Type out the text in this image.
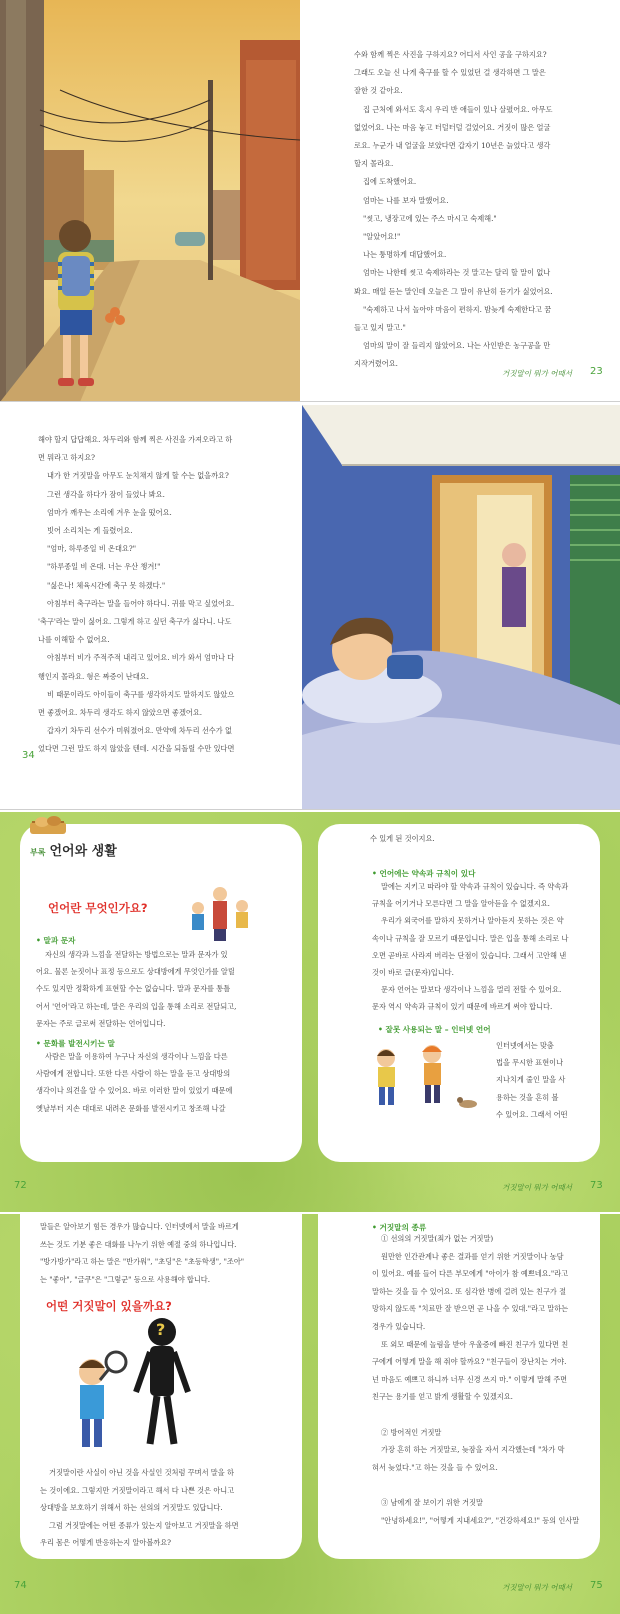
수와 함께 찍은 사진을 구하지요? 어디서 사인 공을 구하지요?

그래도 오늘 신 나게 축구를 할 수 있었던 걸 생각하면 그 말은

잘한 것 같아요.

집 근처에 와서도 혹시 우리 반 애들이 있나 살폈어요. 아무도

없었어요. 나는 마음 놓고 터덜터덜 걸었어요. 거짓이 많은 얼굴

로요. 누군가 내 얼굴을 보았다면 갑자기 10년은 늙었다고 생각

할지 몰라요.

집에 도착했어요.

엄마는 나를 보자 말했어요.

"씻고, 냉장고에 있는 주스 마시고 숙제해."

"알았어요!"

나는 퉁명하게 대답했어요.

엄마는 나한테 씻고 숙제하라는 것 말고는 달리 할 말이 없나

봐요. 매일 듣는 말인데 오늘은 그 말이 유난히 듣기가 싫었어요.

"숙제하고 나서 놀아야 마음이 편하지. 밤늦게 숙제한다고 꿈

들고 있지 말고."

엄마의 말이 잘 들리지 않았어요. 나는 사인받은 농구공을 만

지작거렸어요.

거짓말이 뭐가 어때서 23

해야 할지 답답해요. 차두리와 함께 찍은 사진을 가져오라고 하

면 뭐라고 하지요?

내가 한 거짓말을 아무도 눈치채지 않게 할 수는 없을까요?

그런 생각을 하다가 잠이 들었나 봐요.

엄마가 깨우는 소리에 겨우 눈을 떴어요.

빗어 소리치는 게 들렸어요.

"엄마, 하루종일 비 온대요?"

"하루종일 비 온대. 너는 우산 챙겨!"

"싫은나! 체육시간에 축구 못 하겠다."

아침부터 축구라는 말을 들어야 하다니. 귀를 막고 싶었어요.

'축구'라는 말이 싫어요. 그렇게 하고 싶던 축구가 싫다니. 나도

나를 이해할 수 없어요.

아침부터 비가 주적주적 내리고 있어요. 비가 와서 엄마나 다

행인지 몰라요. 형은 짜증이 난대요.

비 때문이라도 아이들이 축구를 생각하지도 말하지도 않았으

면 좋겠어요. 차두리 생각도 하지 않았으면 좋겠어요.

갑자기 차두리 선수가 미워졌어요. 만약에 차두리 선수가 없

었다면 그런 말도 하지 않았을 텐데. 시간을 되돌릴 수만 있다면

34
부록 언어와 생활
언어란 무엇인가요?
• 말과 문자

자신의 생각과 느낌을 전달하는 방법으로는 말과 문자가 있

어요. 물론 눈짓이나 표정 등으로도 상대방에게 무엇인가를 알릴

수도 있지만 정확하게 표현할 수는 없습니다. 말과 문자를 통틀

어서 '언어'라고 하는데, 말은 우리의 입을 통해 소리로 전달되고,

문자는 주로 글로써 전달하는 언어입니다.

• 문화를 발전시키는 말

사람은 말을 이용하여 누구나 자신의 생각이나 느낌을 다른

사람에게 전합니다. 또한 다른 사람이 하는 말을 듣고 상대방의

생각이나 의견을 알 수 있어요. 바로 이러한 말이 있었기 때문에

옛날부터 지손 대대로 내려온 문화를 발전시키고 창조해 나갈

수 있게 된 것이지요.

• 언어에는 약속과 규칙이 있다

말에는 지키고 따라야 할 약속과 규칙이 있습니다. 즉 약속과

규칙을 어기거나 모른다면 그 말을 알아듣을 수 없겠지요.

우리가 외국어를 말하지 못하거나 알아듣지 못하는 것은 약

속이나 규칙을 잘 모르기 때문입니다. 말은 입을 통해 소리로 나

오면 곧바로 사라져 버리는 단점이 있습니다. 그래서 고안해 낸

것이 바로 글(문자)입니다.

문자 언어는 말보다 생각이나 느낌을 멀리 전할 수 있어요.

문자 역시 약속과 규칙이 있기 때문에 바르게 써야 합니다.

• 잘못 사용되는 말 – 인터넷 언어

인터넷에서는 맞춤

법을 무시한 표현이나

지나치게 줄인 말을 사

용하는 것을 흔히 볼

수 있어요. 그래서 어떤

72	거짓말이 뭐가 어때서 73

말들은 알아보기 힘든 경우가 많습니다. 인터넷에서 말을 바르게

쓰는 것도 기분 좋은 대화를 나누기 위한 예절 중의 하나입니다.

"방가방가"라고 하는 말은 "반가워", "초딩"은 "초등학생", "조아"

는 "좋아", "글쿠"은 "그렇군" 등으로 사용해야 합니다.

어떤 거짓말이 있을까요?
?

거짓말이란 사실이 아닌 것을 사실인 것처럼 꾸며서 말을 하

는 것이에요. 그렇지만 거짓말이라고 해서 다 나쁜 것은 아니고

상대방을 보호하기 위해서 하는 선의의 거짓말도 있답니다.

그럼 거짓말에는 어떤 종류가 있는지 알아보고 거짓말을 하면

우리 몸은 어떻게 반응하는지 알아볼까요?

• 거짓말의 종류

① 선의의 거짓말(죄가 없는 거짓말)

원만한 인간관계나 좋은 결과를 얻기 위한 거짓말이나 농담

이 있어요. 예를 들어 다른 부모에게 "아이가 참 예쁘네요."라고

말하는 것을 들 수 있어요. 또 심각한 병에 걸려 있는 친구가 절

망하지 않도록 "치료만 잘 받으면 곧 나을 수 있대."라고 말하는

경우가 있습니다.

또 외모 때문에 놀림을 받아 우울증에 빠진 친구가 있다면 친

구에게 어떻게 말을 해 줘야 할까요? "친구들이 장난치는 거야.

넌 마음도 예쁘고 하니까 너무 신경 쓰지 마." 이렇게 말해 주면

친구는 용기를 얻고 밝게 생활할 수 있겠지요.

② 방어적인 거짓말

가장 흔히 하는 거짓말로, 늦잠을 자서 지각했는데 "차가 막

혀서 늦었다."고 하는 것을 들 수 있어요.

③ 남에게 잘 보이기 위한 거짓말

"안녕하세요!", "어떻게 지내세요?", "건강하세요!" 등의 인사말

74	거짓말이 뭐가 어때서 75
